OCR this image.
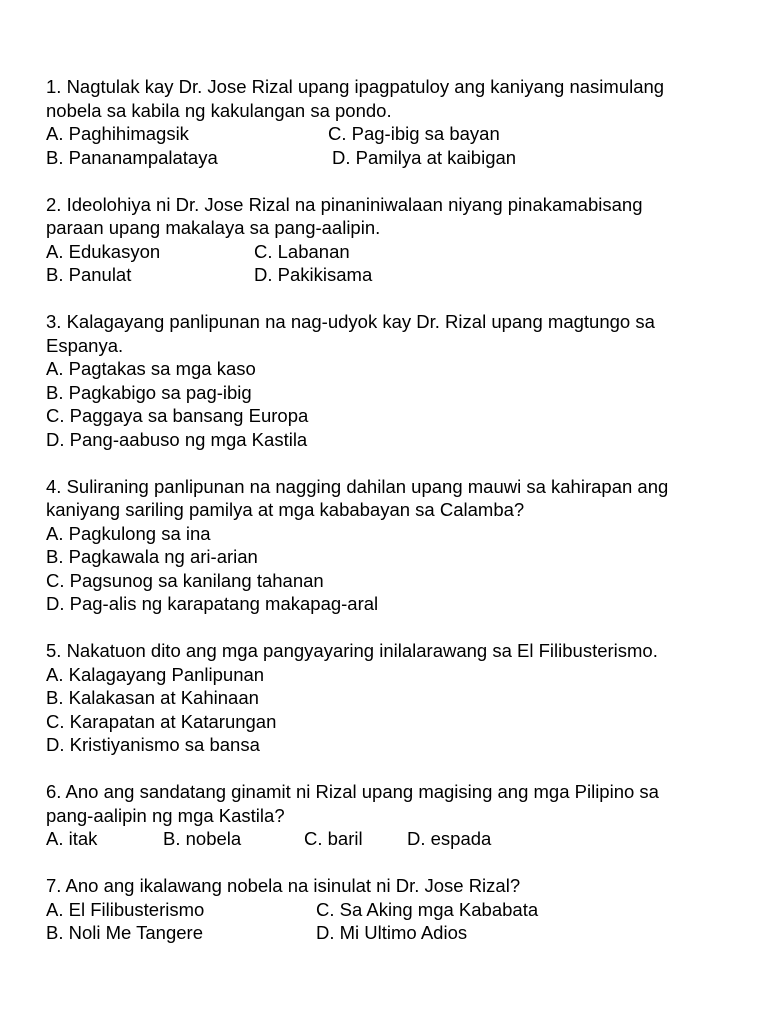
1. Nagtulak kay Dr. Jose Rizal upang ipagpatuloy ang kaniyang nasimulang
nobela sa kabila ng kakulangan sa pondo.
A. Paghihimagsik	C. Pag-ibig sa bayan
B. Pananampalataya	D. Pamilya at kaibigan
2. Ideolohiya ni Dr. Jose Rizal na pinaniniwalaan niyang pinakamabisang
paraan upang makalaya sa pang-aalipin.
A. Edukasyon	C. Labanan
B. Panulat	D. Pakikisama
3. Kalagayang panlipunan na nag-udyok kay Dr. Rizal upang magtungo sa
Espanya.
A. Pagtakas sa mga kaso
B. Pagkabigo sa pag-ibig
C. Paggaya sa bansang Europa
D. Pang-aabuso ng mga Kastila
4. Suliraning panlipunan na nagging dahilan upang mauwi sa kahirapan ang
kaniyang sariling pamilya at mga kababayan sa Calamba?
A. Pagkulong sa ina
B. Pagkawala ng ari-arian
C. Pagsunog sa kanilang tahanan
D. Pag-alis ng karapatang makapag-aral
5. Nakatuon dito ang mga pangyayaring inilalarawang sa El Filibusterismo.
A. Kalagayang Panlipunan
B. Kalakasan at Kahinaan
C. Karapatan at Katarungan
D. Kristiyanismo sa bansa
6. Ano ang sandatang ginamit ni Rizal upang magising ang mga Pilipino sa
pang-aalipin ng mga Kastila?
A. itak	B. nobela	C. baril	D. espada
7. Ano ang ikalawang nobela na isinulat ni Dr. Jose Rizal?
A. El Filibusterismo	C. Sa Aking mga Kababata
B. Noli Me Tangere	D. Mi Ultimo Adios
